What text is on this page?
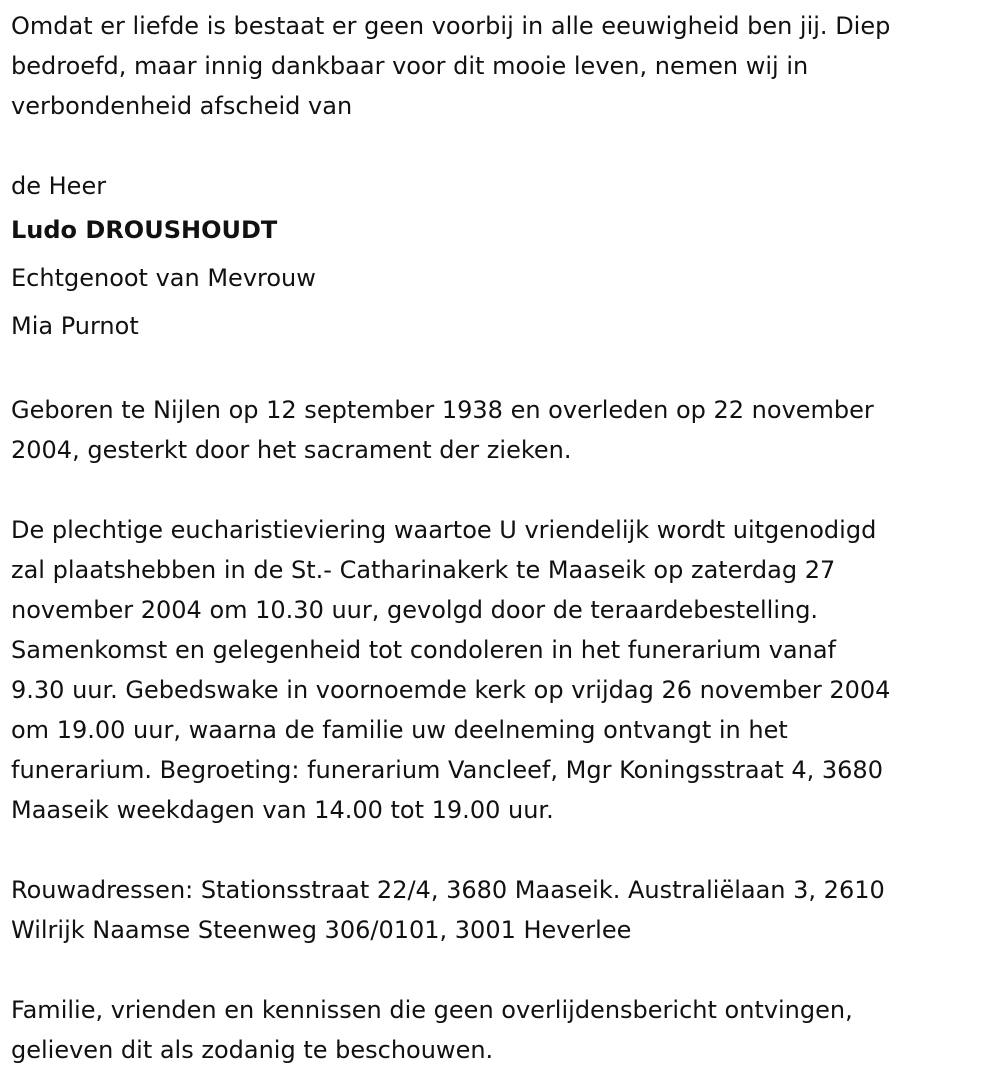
Omdat er liefde is bestaat er geen voorbij in alle eeuwigheid ben jij. Diep
bedroefd, maar innig dankbaar voor dit mooie leven, nemen wij in
verbondenheid afscheid van

de Heer
Ludo DROUSHOUDT
Echtgenoot van Mevrouw
Mia Purnot

Geboren te Nijlen op 12 september 1938 en overleden op 22 november
2004, gesterkt door het sacrament der zieken.

De plechtige eucharistieviering waartoe U vriendelijk wordt uitgenodigd
zal plaatshebben in de St.- Catharinakerk te Maaseik op zaterdag 27
november 2004 om 10.30 uur, gevolgd door de teraardebestelling.
Samenkomst en gelegenheid tot condoleren in het funerarium vanaf
9.30 uur. Gebedswake in voornoemde kerk op vrijdag 26 november 2004
om 19.00 uur, waarna de familie uw deelneming ontvangt in het
funerarium. Begroeting: funerarium Vancleef, Mgr Koningsstraat 4, 3680
Maaseik weekdagen van 14.00 tot 19.00 uur.

Rouwadressen: Stationsstraat 22/4, 3680 Maaseik. Australiëlaan 3, 2610
Wilrijk Naamse Steenweg 306/0101, 3001 Heverlee

Familie, vrienden en kennissen die geen overlijdensbericht ontvingen,
gelieven dit als zodanig te beschouwen.
